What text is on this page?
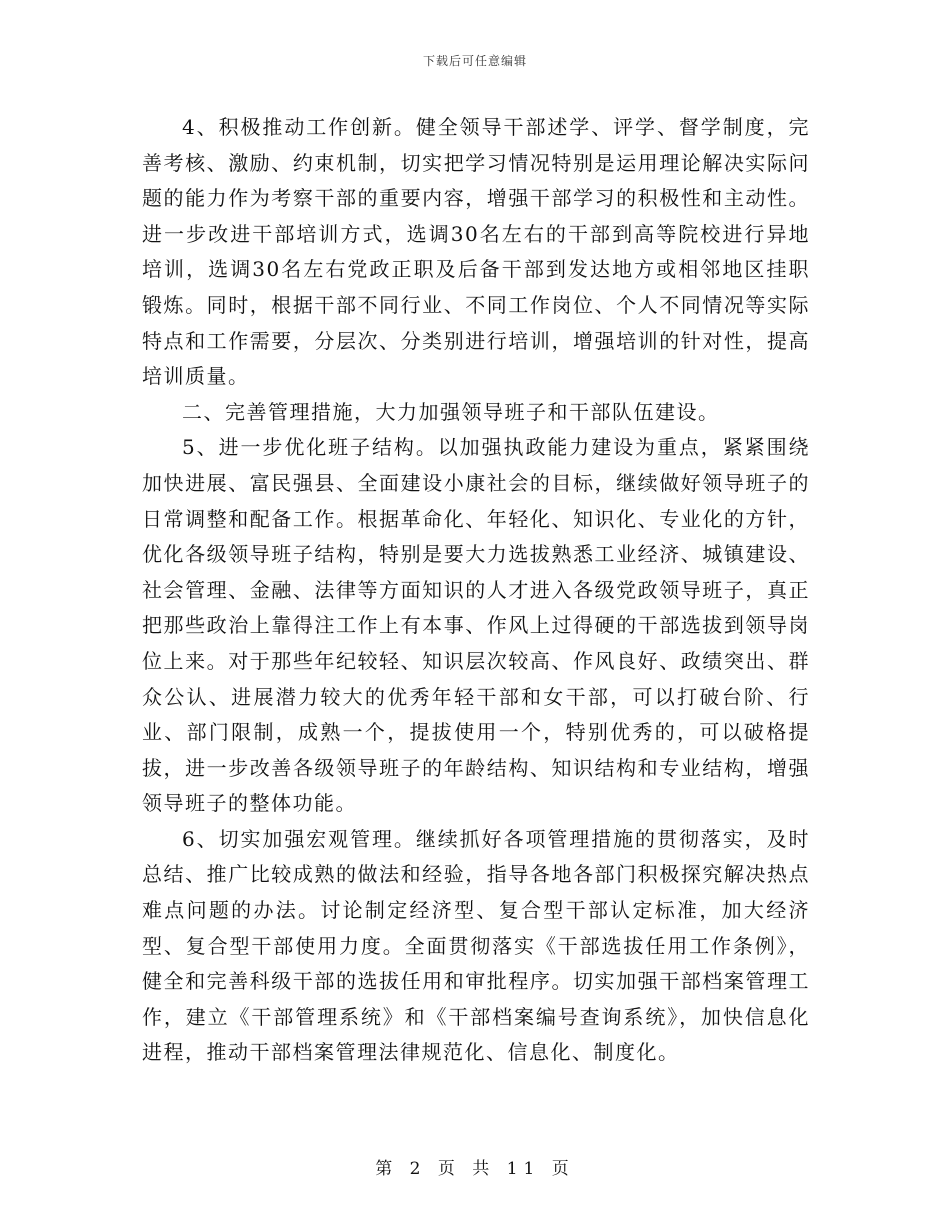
下载后可任意编辑

4、积极推动工作创新。健全领导干部述学、评学、督学制度，完善考核、激励、约束机制，切实把学习情况特别是运用理论解决实际问题的能力作为考察干部的重要内容，增强干部学习的积极性和主动性。进一步改进干部培训方式，选调30名左右的干部到高等院校进行异地培训，选调30名左右党政正职及后备干部到发达地方或相邻地区挂职锻炼。同时，根据干部不同行业、不同工作岗位、个人不同情况等实际特点和工作需要，分层次、分类别进行培训，增强培训的针对性，提高培训质量。

二、完善管理措施，大力加强领导班子和干部队伍建设。

5、进一步优化班子结构。以加强执政能力建设为重点，紧紧围绕加快进展、富民强县、全面建设小康社会的目标，继续做好领导班子的日常调整和配备工作。根据革命化、年轻化、知识化、专业化的方针，优化各级领导班子结构，特别是要大力选拔熟悉工业经济、城镇建设、社会管理、金融、法律等方面知识的人才进入各级党政领导班子，真正把那些政治上靠得注工作上有本事、作风上过得硬的干部选拔到领导岗位上来。对于那些年纪较轻、知识层次较高、作风良好、政绩突出、群众公认、进展潜力较大的优秀年轻干部和女干部，可以打破台阶、行业、部门限制，成熟一个，提拔使用一个，特别优秀的，可以破格提拔，进一步改善各级领导班子的年龄结构、知识结构和专业结构，增强领导班子的整体功能。

6、切实加强宏观管理。继续抓好各项管理措施的贯彻落实，及时总结、推广比较成熟的做法和经验，指导各地各部门积极探究解决热点难点问题的办法。讨论制定经济型、复合型干部认定标准，加大经济型、复合型干部使用力度。全面贯彻落实《干部选拔任用工作条例》，健全和完善科级干部的选拔任用和审批程序。切实加强干部档案管理工作，建立《干部管理系统》和《干部档案编号查询系统》，加快信息化进程，推动干部档案管理法律规范化、信息化、制度化。

第 2 页 共 11 页
